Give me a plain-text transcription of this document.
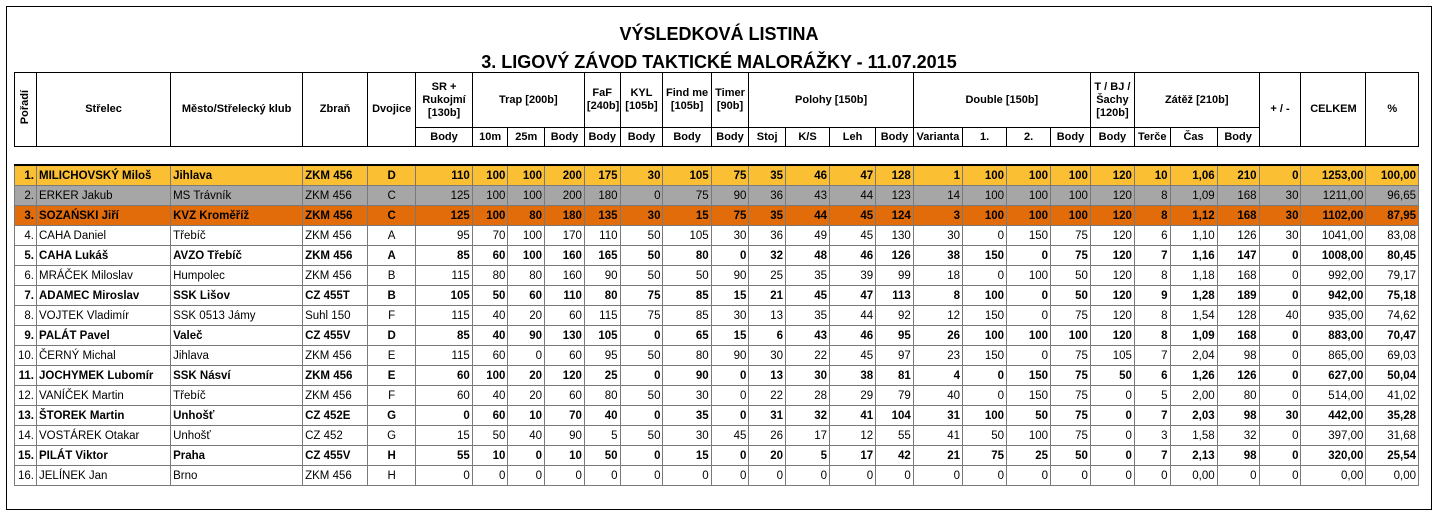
VÝSLEDKOVÁ LISTINA
3. LIGOVÝ ZÁVOD TAKTICKÉ MALORÁŽKY - 11.07.2015
Pořadí	Střelec	Město/Střelecký klub	Zbraň	Dvojice	SR + Rukojmí [130b]	Trap [200b]			FaF [240b]	KYL [105b]	Find me [105b]	Timer [90b]	Polohy [150b]				Double [150b]				T / BJ / Šachy [120b]	Zátěž [210b]			+ / -	CELKEM	%
					Body	10m	25m	Body	Body	Body	Body	Body	Stoj	K/S	Leh	Body	Varianta	1.	2.	Body	Body	Terče	Čas	Body			

1.	MILICHOVSKÝ Miloš	Jihlava	ZKM 456	D	110	100	100	200	175	30	105	75	35	46	47	128	1	100	100	100	120	10	1,06	210	0	1253,00	100,00
2.	ERKER Jakub	MS Trávník	ZKM 456	C	125	100	100	200	180	0	75	90	36	43	44	123	14	100	100	100	120	8	1,09	168	30	1211,00	96,65
3.	SOZAŃSKI Jiří	KVZ Kroměříž	ZKM 456	C	125	100	80	180	135	30	15	75	35	44	45	124	3	100	100	100	120	8	1,12	168	30	1102,00	87,95
4.	CAHA Daniel	Třebíč	ZKM 456	A	95	70	100	170	110	50	105	30	36	49	45	130	30	0	150	75	120	6	1,10	126	30	1041,00	83,08
5.	CAHA Lukáš	AVZO Třebíč	ZKM 456	A	85	60	100	160	165	50	80	0	32	48	46	126	38	150	0	75	120	7	1,16	147	0	1008,00	80,45
6.	MRÁČEK Miloslav	Humpolec	ZKM 456	B	115	80	80	160	90	50	50	90	25	35	39	99	18	0	100	50	120	8	1,18	168	0	992,00	79,17
7.	ADAMEC Miroslav	SSK Lišov	CZ 455T	B	105	50	60	110	80	75	85	15	21	45	47	113	8	100	0	50	120	9	1,28	189	0	942,00	75,18
8.	VOJTEK Vladimír	SSK 0513 Jámy	Suhl 150	F	115	40	20	60	115	75	85	30	13	35	44	92	12	150	0	75	120	8	1,54	128	40	935,00	74,62
9.	PALÁT Pavel	Valeč	CZ 455V	D	85	40	90	130	105	0	65	15	6	43	46	95	26	100	100	100	120	8	1,09	168	0	883,00	70,47
10.	ČERNÝ Michal	Jihlava	ZKM 456	E	115	60	0	60	95	50	80	90	30	22	45	97	23	150	0	75	105	7	2,04	98	0	865,00	69,03
11.	JOCHYMEK Lubomír	SSK Násví	ZKM 456	E	60	100	20	120	25	0	90	0	13	30	38	81	4	0	150	75	50	6	1,26	126	0	627,00	50,04
12.	VANÍČEK Martin	Třebíč	ZKM 456	F	60	40	20	60	80	50	30	0	22	28	29	79	40	0	150	75	0	5	2,00	80	0	514,00	41,02
13.	ŠTOREK Martin	Unhošť	CZ 452E	G	0	60	10	70	40	0	35	0	31	32	41	104	31	100	50	75	0	7	2,03	98	30	442,00	35,28
14.	VOSTÁREK Otakar	Unhošť	CZ 452	G	15	50	40	90	5	50	30	45	26	17	12	55	41	50	100	75	0	3	1,58	32	0	397,00	31,68
15.	PILÁT Viktor	Praha	CZ 455V	H	55	10	0	10	50	0	15	0	20	5	17	42	21	75	25	50	0	7	2,13	98	0	320,00	25,54
16.	JELÍNEK Jan	Brno	ZKM 456	H	0	0	0	0	0	0	0	0	0	0	0	0	0	0	0	0	0	0	0,00	0	0	0,00	0,00
